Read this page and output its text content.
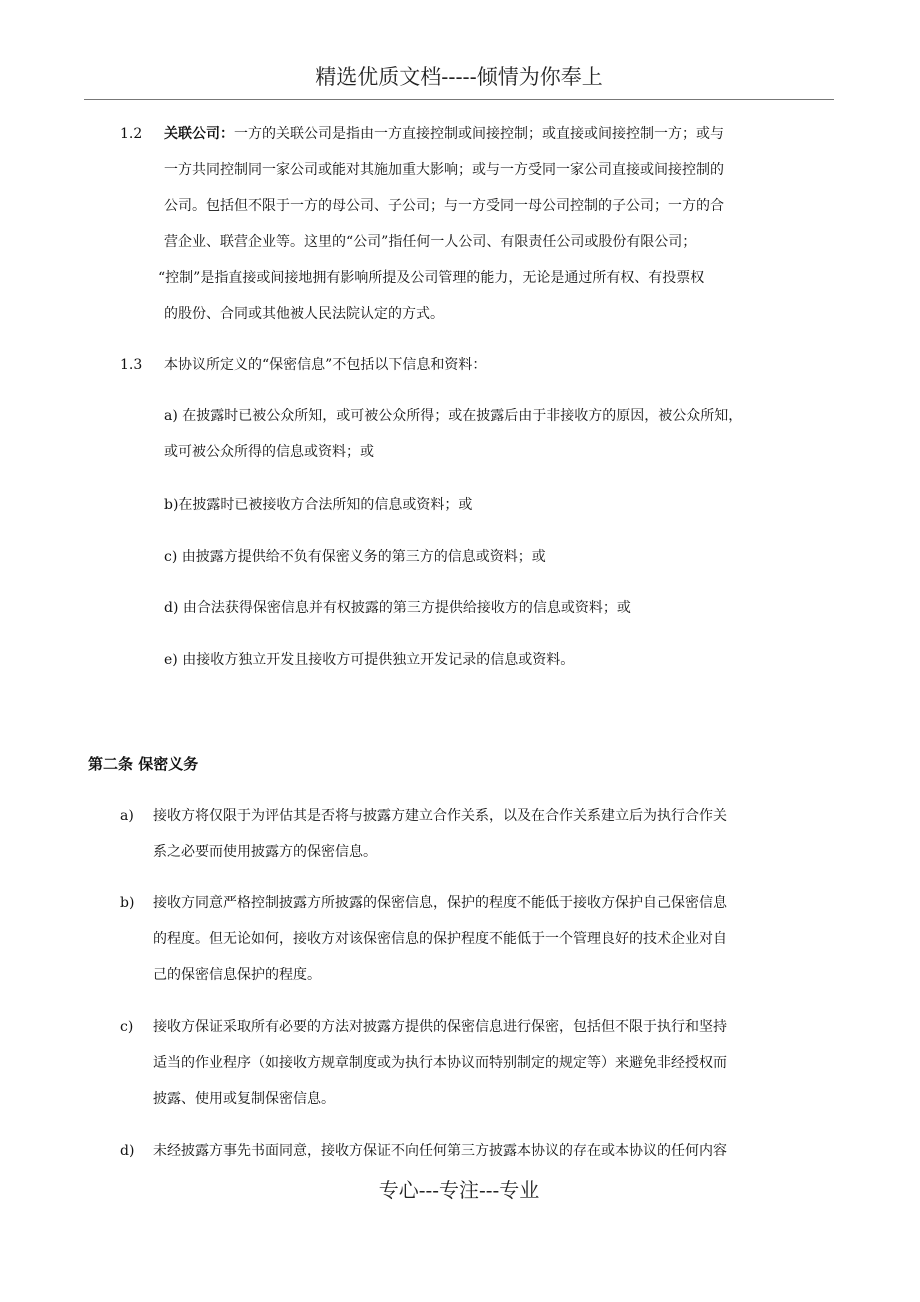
精选优质文档-----倾情为你奉上
1.2 关联公司：一方的关联公司是指由一方直接控制或间接控制；或直接或间接控制一方；或与
一方共同控制同一家公司或能对其施加重大影响；或与一方受同一家公司直接或间接控制的
公司。包括但不限于一方的母公司、子公司；与一方受同一母公司控制的子公司；一方的合
营企业、联营企业等。这里的“公司”指任何一人公司、有限责任公司或股份有限公司；
“控制”是指直接或间接地拥有影响所提及公司管理的能力，无论是通过所有权、有投票权
的股份、合同或其他被人民法院认定的方式。
1.3 本协议所定义的“保密信息”不包括以下信息和资料：
a) 在披露时已被公众所知，或可被公众所得；或在披露后由于非接收方的原因，被公众所知，
或可被公众所得的信息或资料；或
b)在披露时已被接收方合法所知的信息或资料；或
c) 由披露方提供给不负有保密义务的第三方的信息或资料；或
d) 由合法获得保密信息并有权披露的第三方提供给接收方的信息或资料；或
e) 由接收方独立开发且接收方可提供独立开发记录的信息或资料。
第二条 保密义务
a) 接收方将仅限于为评估其是否将与披露方建立合作关系，以及在合作关系建立后为执行合作关
系之必要而使用披露方的保密信息。
b) 接收方同意严格控制披露方所披露的保密信息，保护的程度不能低于接收方保护自己保密信息
的程度。但无论如何，接收方对该保密信息的保护程度不能低于一个管理良好的技术企业对自
己的保密信息保护的程度。
c) 接收方保证采取所有必要的方法对披露方提供的保密信息进行保密，包括但不限于执行和坚持
适当的作业程序（如接收方规章制度或为执行本协议而特别制定的规定等）来避免非经授权而
披露、使用或复制保密信息。
d) 未经披露方事先书面同意，接收方保证不向任何第三方披露本协议的存在或本协议的任何内容
专心---专注---专业
